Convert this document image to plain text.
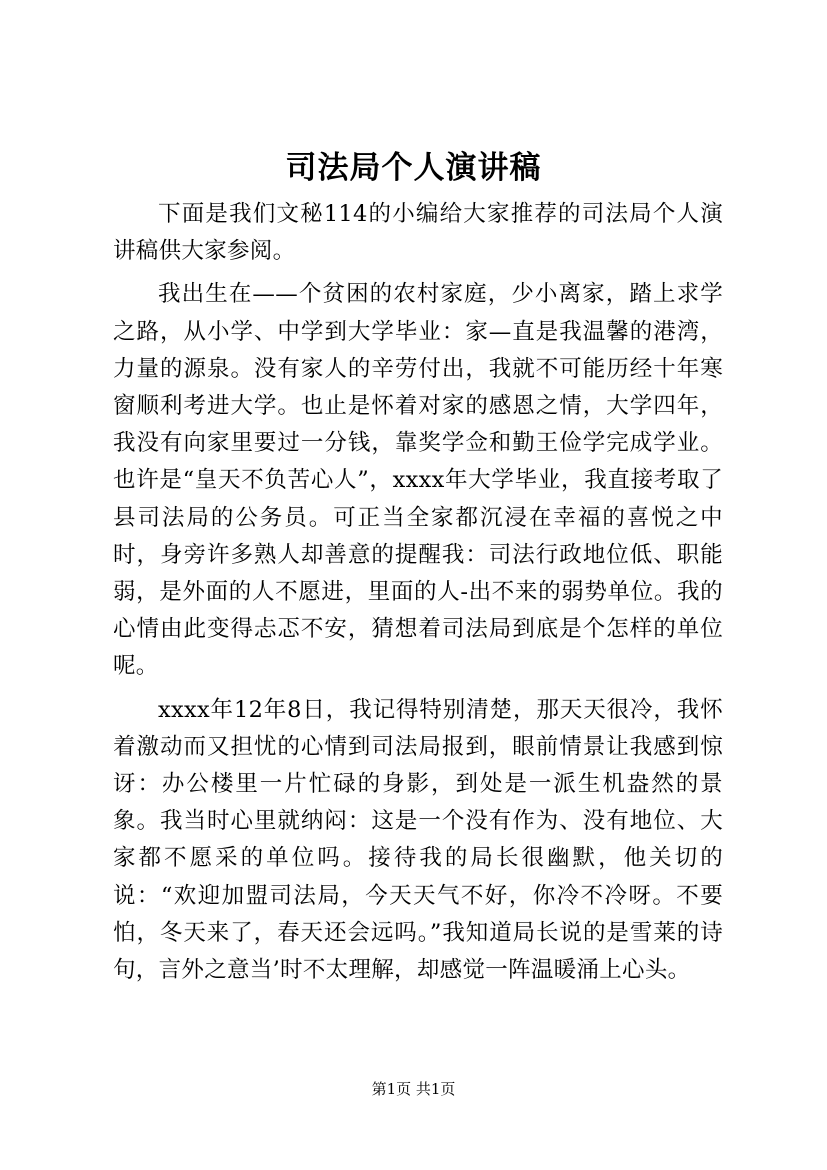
司法局个人演讲稿

下面是我们文秘114的小编给大家推荐的司法局个人演讲稿供大家参阅。

我出生在——个贫困的农村家庭，少小离家，踏上求学之路，从小学、中学到大学毕业：家—直是我温馨的港湾，力量的源泉。没有家人的辛劳付出，我就不可能历经十年寒窗顺利考进大学。也止是怀着对家的感恩之情，大学四年，我没有向家里要过一分钱，靠奖学佥和勤王俭学完成学业。也许是“皇天不负苦心人”，xxxx年大学毕业，我直接考取了县司法局的公务员。可正当全家都沉浸在幸福的喜悦之中时，身旁许多熟人却善意的提醒我：司法行政地位低、职能弱，是外面的人不愿进，里面的人-出不来的弱势单位。我的心情由此变得忐忑不安，猜想着司法局到底是个怎样的单位呢。

xxxx年12年8日，我记得特别清楚，那天天很冷，我怀着激动而又担忧的心情到司法局报到，眼前情景让我感到惊讶：办公楼里一片忙碌的身影，到处是一派生机盎然的景象。我当时心里就纳闷：这是一个没有作为、没有地位、大家都不愿采的单位吗。接待我的局长很幽默，他关切的说：“欢迎加盟司法局，今天天气不好，你冷不冷呀。不要怕，冬天来了，春天还会远吗。”我知道局长说的是雪莱的诗句，言外之意当’时不太理解，却感觉一阵温暖涌上心头。

第1页 共1页
